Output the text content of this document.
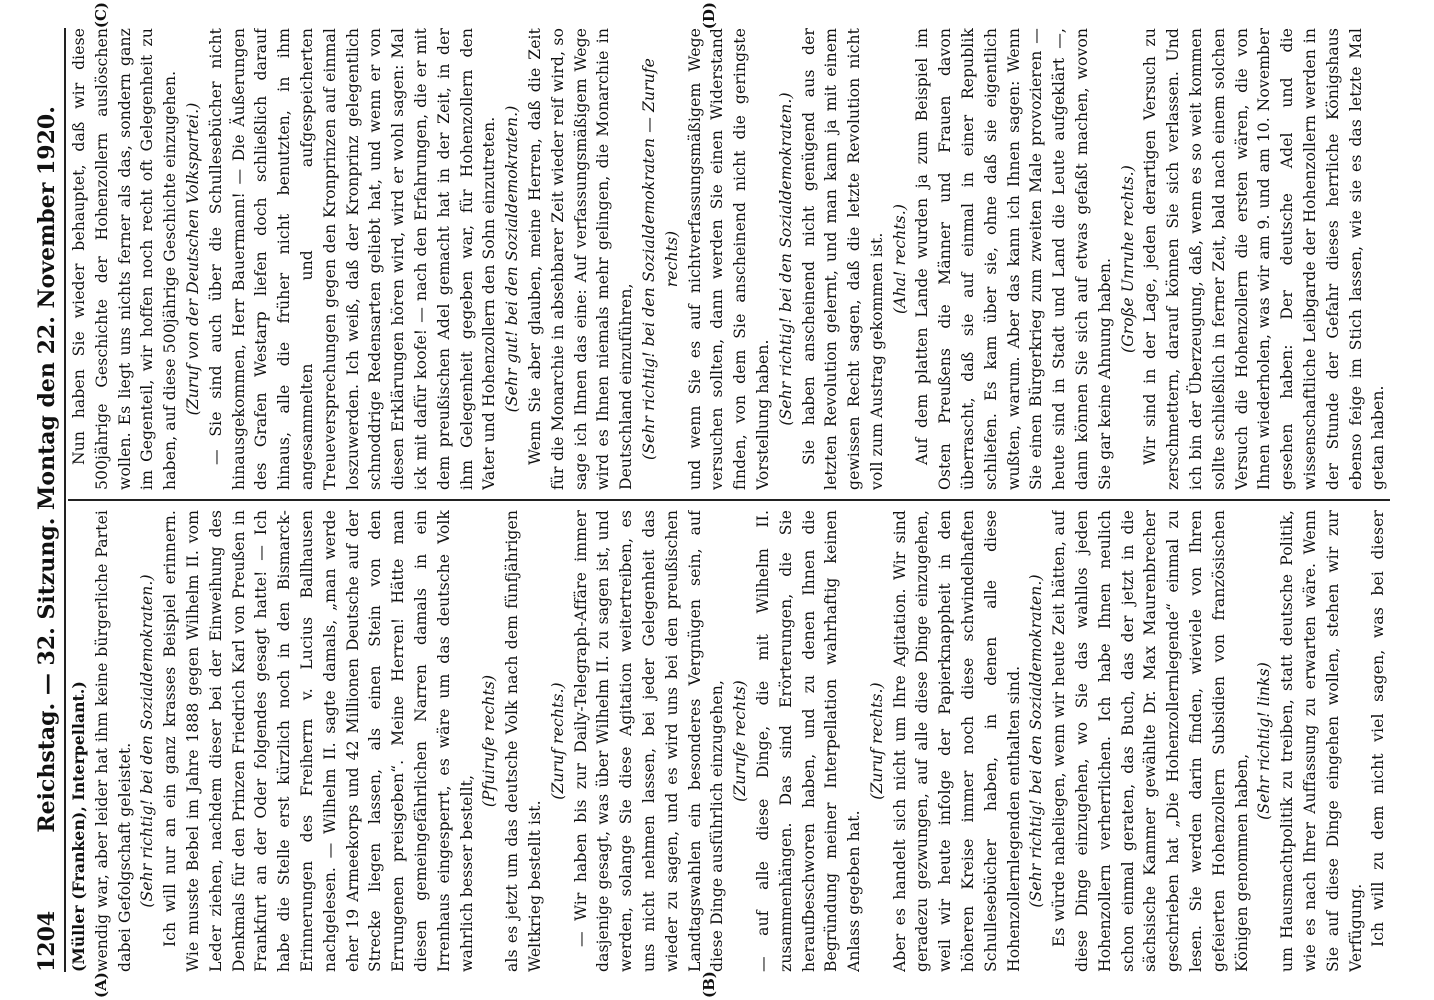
1204
Reichstag. — 32. Sitzung. Montag den 22. November 1920.
(A)	(B)
(C)	(D)

(Müller (Franken), Interpellant.) wendig war, aber leider hat ihm keine bürgerliche Partei dabei Gefolgschaft geleistet. (Sehr richtig! bei den Sozialdemokraten.) Ich will nur an ein ganz krasses Beispiel erinnern. Wie musste Bebel im Jahre 1888 gegen Wilhelm II. vom Leder ziehen, nachdem dieser bei der Einweihung des Denkmals für den Prinzen Friedrich Karl von Preußen in Frankfurt an der Oder folgendes gesagt hatte! — Ich habe die Stelle erst kürzlich noch in den Bismarck-Erinnerungen des Freiherrn v. Lucius Ballhausen nachgelesen. — Wilhelm II. sagte damals, „man werde eher 19 Armeekorps und 42 Millionen Deutsche auf der Strecke liegen lassen, als einen Stein von den Errungenen preisgeben“. Meine Herren! Hätte man diesen gemeingefährlichen Narren damals in ein Irrenhaus eingesperrt, es wäre um das deutsche Volk wahrlich besser bestellt,

(Pfuirufe rechts) als es jetzt um das deutsche Volk nach dem fünfjährigen Weltkrieg bestellt ist.

(Zuruf rechts.) — Wir haben bis zur Daily-Telegraph-Affäre immer dasjenige gesagt, was über Wilhelm II. zu sagen ist, und werden, solange Sie diese Agitation weitertreiben, es uns nicht nehmen lassen, bei jeder Gelegenheit das wieder zu sagen, und es wird uns bei den preußischen Landtagswahlen ein besonderes Vergnügen sein, auf diese Dinge ausführlich einzugehen, (Zurufe rechts) — auf alle diese Dinge, die mit Wilhelm II. zusammenhängen. Das sind Erörterungen, die Sie heraufbeschworen haben, und zu denen Ihnen die Begründung meiner Interpellation wahrhaftig keinen Anlass gegeben hat.

(Zuruf rechts.) Aber es handelt sich nicht um Ihre Agitation. Wir sind geradezu gezwungen, auf alle diese Dinge einzugehen, weil wir heute infolge der Papierknappheit in den höheren Kreise immer noch diese schwindelhaften Schullesebücher haben, in denen alle diese Hohenzollernlegenden enthalten sind. (Sehr richtig! bei den Sozialdemokraten.) Es würde naheliegen, wenn wir heute Zeit hätten, auf diese Dinge einzugehen, wo Sie das wahllos jeden Hohenzollern verherrlichen. Ich habe Ihnen neulich schon einmal geraten, das Buch, das der jetzt in die sächsische Kammer gewählte Dr. Max Maurenbrecher geschrieben hat „Die Hohenzollernlegende“ einmal zu lesen. Sie werden darin finden, wieviele von Ihren gefeierten Hohenzollern Subsidien von französischen Königen genommen haben,

(Sehr richtig! links) um Hausmachtpolitik zu treiben, statt deutsche Politik, wie es nach Ihrer Auffassung zu erwarten wäre. Wenn Sie auf diese Dinge eingehen wollen, stehen wir zur Verfügung. Ich will zu dem nicht viel sagen, was bei dieser

Nun haben Sie wieder behauptet, daß wir diese 500jährige Geschichte der Hohenzollern auslöschen wollen. Es liegt uns nichts ferner als das, sondern ganz im Gegenteil, wir hoffen noch recht oft Gelegenheit zu haben, auf diese 500jährige Geschichte einzugehen. (Zuruf von der Deutschen Volkspartei.) — Sie sind auch über die Schullesebücher nicht hinausgekommen, Herr Bauermann! — Die Äußerungen des Grafen Westarp liefen doch schließlich darauf hinaus, alle die früher nicht benutzten, in ihm angesammelten und aufgespeicherten Treueversprechungen gegen den Kronprinzen auf einmal loszuwerden. Ich weiß, daß der Kronprinz gelegentlich schnoddrige Redensarten geliebt hat, und wenn er von diesen Erklärungen hören wird, wird er wohl sagen: Mal ick mit dafür koofe! — nach den Erfahrungen, die er mit dem preußischen Adel gemacht hat in der Zeit, in der ihm Gelegenheit gegeben war, für Hohenzollern den Vater und Hohenzollern den Sohn einzutreten. (Sehr gut! bei den Sozialdemokraten.) Wenn Sie aber glauben, meine Herren, daß die Zeit für die Monarchie in absehbarer Zeit wieder reif wird, so sage ich Ihnen das eine: Auf verfassungsmäßigem Wege wird es Ihnen niemals mehr gelingen, die Monarchie in Deutschland einzuführen, (Sehr richtig! bei den Sozialdemokraten — Zurufe rechts) und wenn Sie es auf nichtverfassungsmäßigem Wege versuchen sollten, dann werden Sie einen Widerstand finden, von dem Sie anscheinend nicht die geringste Vorstellung haben. (Sehr richtig! bei den Sozialdemokraten.) Sie haben anscheinend nicht genügend aus der letzten Revolution gelernt, und man kann ja mit einem gewissen Recht sagen, daß die letzte Revolution nicht voll zum Austrag gekommen ist. (Aha! rechts.) Auf dem platten Lande wurden ja zum Beispiel im Osten Preußens die Männer und Frauen davon überrascht, daß sie auf einmal in einer Republik schliefen. Es kam über sie, ohne daß sie eigentlich wußten, warum. Aber das kann ich Ihnen sagen: Wenn Sie einen Bürgerkrieg zum zweiten Male provozieren — heute sind in Stadt und Land die Leute aufgeklärt —, dann können Sie sich auf etwas gefaßt machen, wovon Sie gar keine Ahnung haben. (Große Unruhe rechts.) Wir sind in der Lage, jeden derartigen Versuch zu zerschmettern, darauf können Sie sich verlassen. Und ich bin der Überzeugung, daß, wenn es so weit kommen sollte schließlich in ferner Zeit, bald nach einem solchen Versuch die Hohenzollern die ersten wären, die von Ihnen wiederholen, was wir am 9. und am 10. November gesehen haben: Der deutsche Adel und die wissenschaftliche Leibgarde der Hohenzollern werden in der Stunde der Gefahr dieses herrliche Königshaus ebenso feige im Stich lassen, wie sie es das letzte Mal getan haben.
